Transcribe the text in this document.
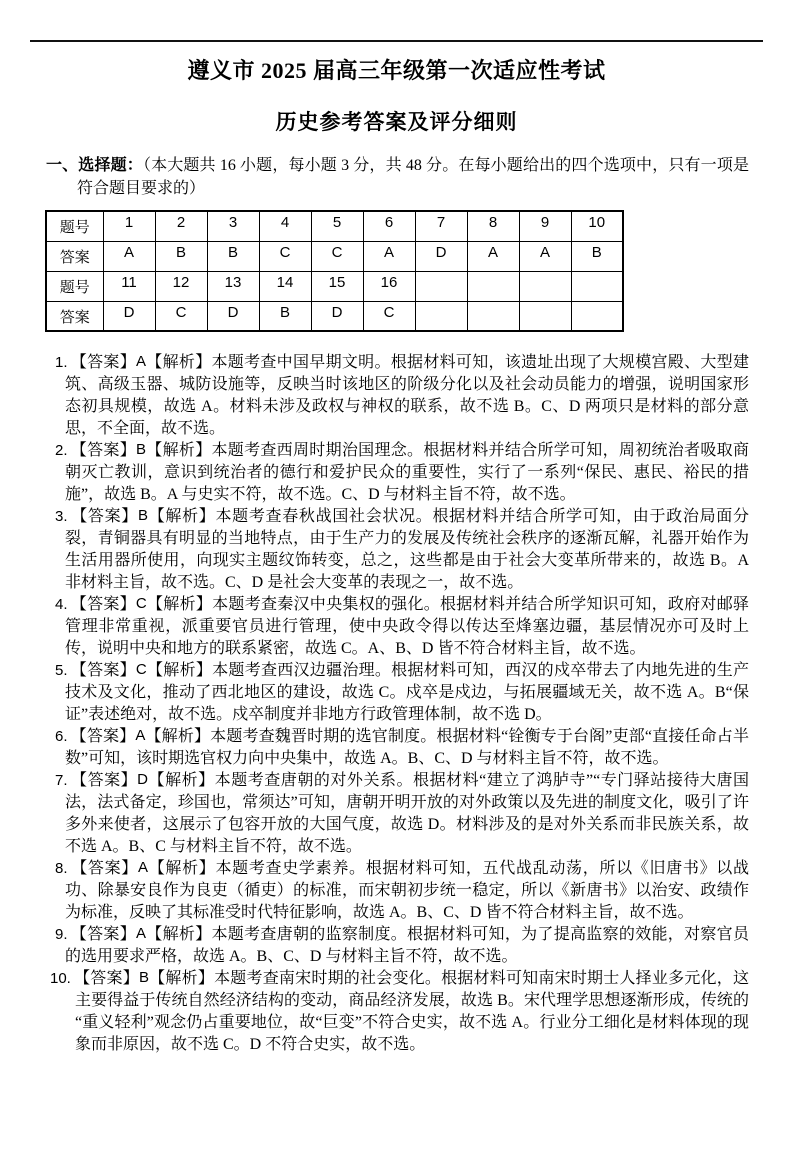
遵义市 2025 届高三年级第一次适应性考试
历史参考答案及评分细则

一、选择题：（本大题共 16 小题，每小题 3 分，共 48 分。在每小题给出的四个选项中，只有一项是符合题目要求的）

题号	1	2	3	4	5	6	7	8	9	10
答案	A	B	B	C	C	A	D	A	A	B
题号	11	12	13	14	15	16				
答案	D	C	D	B	D	C				
1. 【答案】A【解析】本题考查中国早期文明。根据材料可知，该遗址出现了大规模宫殿、大型建筑、高级玉器、城防设施等，反映当时该地区的阶级分化以及社会动员能力的增强，说明国家形态初具规模，故选 A。材料未涉及政权与神权的联系，故不选 B。C、D 两项只是材料的部分意思，不全面，故不选。
2. 【答案】B【解析】本题考查西周时期治国理念。根据材料并结合所学可知，周初统治者吸取商朝灭亡教训，意识到统治者的德行和爱护民众的重要性，实行了一系列“保民、惠民、裕民的措施”，故选 B。A 与史实不符，故不选。C、D 与材料主旨不符，故不选。
3. 【答案】B【解析】本题考查春秋战国社会状况。根据材料并结合所学可知，由于政治局面分裂，青铜器具有明显的当地特点，由于生产力的发展及传统社会秩序的逐渐瓦解，礼器开始作为生活用器所使用，向现实主题纹饰转变，总之，这些都是由于社会大变革所带来的，故选 B。A 非材料主旨，故不选。C、D 是社会大变革的表现之一，故不选。
4. 【答案】C【解析】本题考查秦汉中央集权的强化。根据材料并结合所学知识可知，政府对邮驿管理非常重视，派重要官员进行管理，使中央政令得以传达至烽塞边疆，基层情况亦可及时上传，说明中央和地方的联系紧密，故选 C。A、B、D 皆不符合材料主旨，故不选。
5. 【答案】C【解析】本题考查西汉边疆治理。根据材料可知，西汉的戍卒带去了内地先进的生产技术及文化，推动了西北地区的建设，故选 C。戍卒是戍边，与拓展疆域无关，故不选 A。B“保证”表述绝对，故不选。戍卒制度并非地方行政管理体制，故不选 D。
6. 【答案】A【解析】本题考查魏晋时期的选官制度。根据材料“铨衡专于台阁”吏部“直接任命占半数”可知，该时期选官权力向中央集中，故选 A。B、C、D 与材料主旨不符，故不选。
7. 【答案】D【解析】本题考查唐朝的对外关系。根据材料“建立了鸿胪寺”“专门驿站接待大唐国法，法式备定，珍国也，常须达”可知，唐朝开明开放的对外政策以及先进的制度文化，吸引了许多外来使者，这展示了包容开放的大国气度，故选 D。材料涉及的是对外关系而非民族关系，故不选 A。B、C 与材料主旨不符，故不选。
8. 【答案】A【解析】本题考查史学素养。根据材料可知，五代战乱动荡，所以《旧唐书》以战功、除暴安良作为良吏（循吏）的标准，而宋朝初步统一稳定，所以《新唐书》以治安、政绩作为标准，反映了其标准受时代特征影响，故选 A。B、C、D 皆不符合材料主旨，故不选。
9. 【答案】A【解析】本题考查唐朝的监察制度。根据材料可知，为了提高监察的效能，对察官员的选用要求严格，故选 A。B、C、D 与材料主旨不符，故不选。
10. 【答案】B【解析】本题考查南宋时期的社会变化。根据材料可知南宋时期士人择业多元化，这主要得益于传统自然经济结构的变动，商品经济发展，故选 B。宋代理学思想逐渐形成，传统的“重义轻利”观念仍占重要地位，故“巨变”不符合史实，故不选 A。行业分工细化是材料体现的现象而非原因，故不选 C。D 不符合史实，故不选。
